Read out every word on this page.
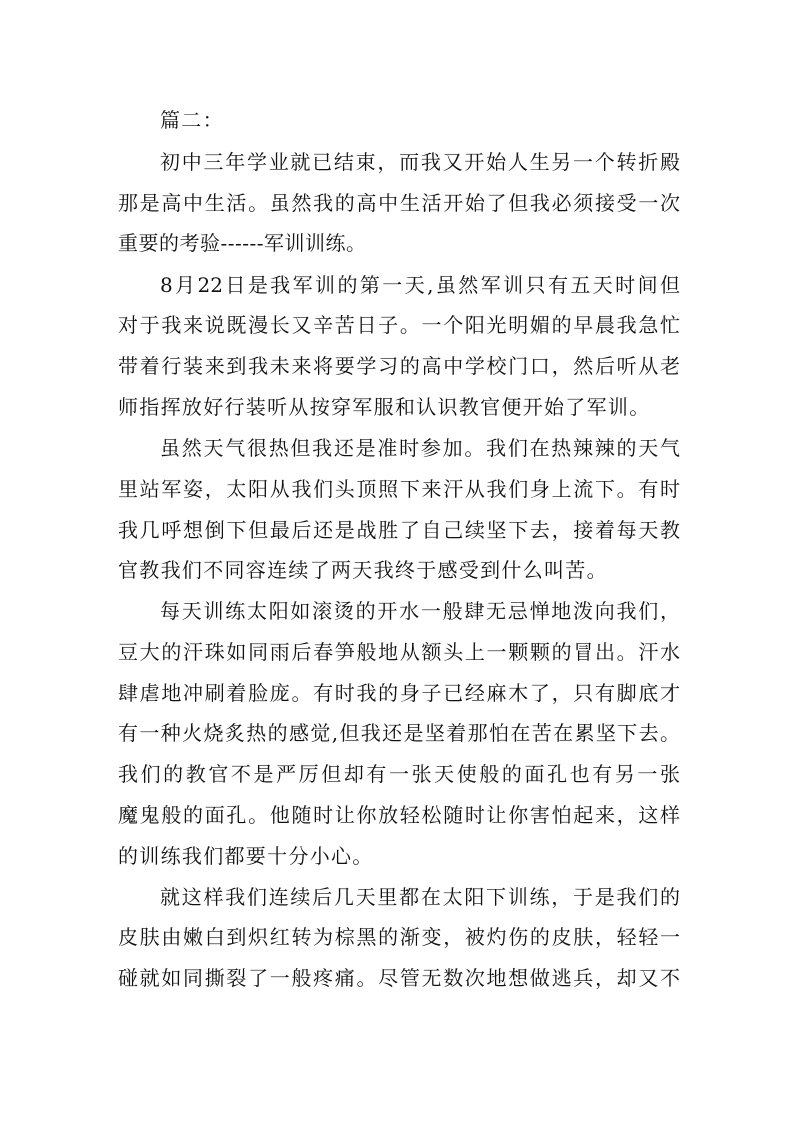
篇二：
初中三年学业就已结束，而我又开始人生另一个转折殿
那是高中生活。虽然我的高中生活开始了但我必须接受一次
重要的考验------军训训练。
8月22日是我军训的第一天,虽然军训只有五天时间但
对于我来说既漫长又辛苦日子。一个阳光明媚的早晨我急忙
带着行装来到我未来将要学习的高中学校门口，然后听从老
师指挥放好行装听从按穿军服和认识教官便开始了军训。
虽然天气很热但我还是准时参加。我们在热辣辣的天气
里站军姿，太阳从我们头顶照下来汗从我们身上流下。有时
我几呼想倒下但最后还是战胜了自己续坚下去，接着每天教
官教我们不同容连续了两天我终于感受到什么叫苦。
每天训练太阳如滚烫的开水一般肆无忌惮地泼向我们，
豆大的汗珠如同雨后春笋般地从额头上一颗颗的冒出。汗水
肆虐地冲刷着脸庞。有时我的身子已经麻木了，只有脚底才
有一种火烧炙热的感觉,但我还是坚着那怕在苦在累坚下去。
我们的教官不是严厉但却有一张天使般的面孔也有另一张
魔鬼般的面孔。他随时让你放轻松随时让你害怕起来，这样
的训练我们都要十分小心。
就这样我们连续后几天里都在太阳下训练，于是我们的
皮肤由嫩白到炽红转为棕黑的渐变，被灼伤的皮肤，轻轻一
碰就如同撕裂了一般疼痛。尽管无数次地想做逃兵，却又不
